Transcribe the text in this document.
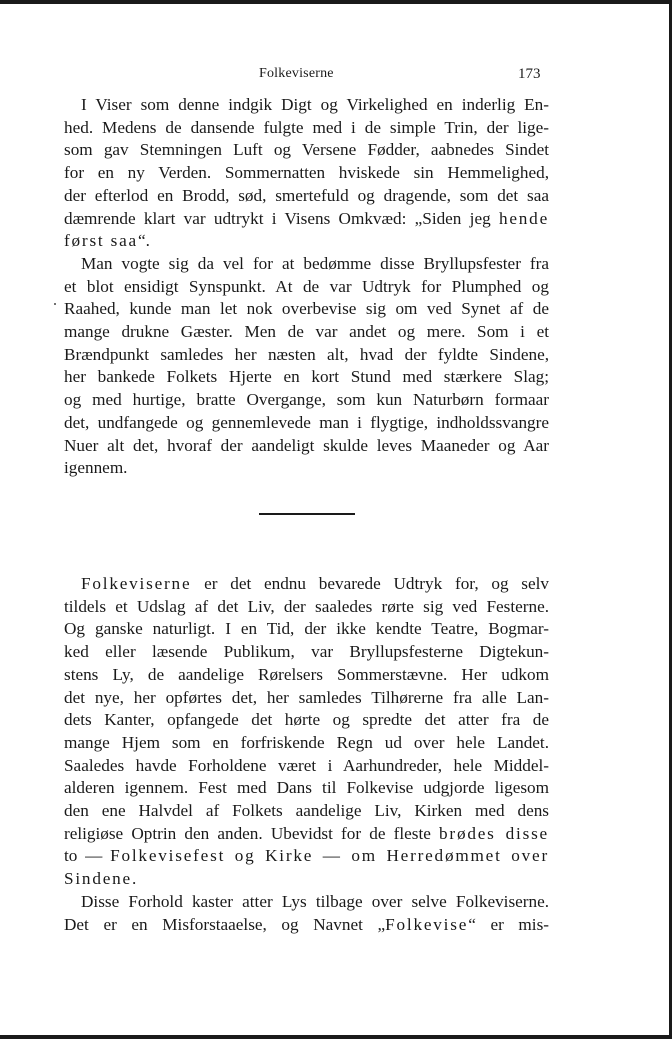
Folkeviserne	173

I Viser som denne indgik Digt og Virkelighed en inderlig En-
hed. Medens de dansende fulgte med i de simple Trin, der lige-
som gav Stemningen Luft og Versene Fødder, aabnedes Sindet
for en ny Verden. Sommernatten hviskede sin Hemmelighed,
der efterlod en Brodd, sød, smertefuld og dragende, som det saa
dæmrende klart var udtrykt i Visens Omkvæd: „Siden jeg hende
først saa“.

Man vogte sig da vel for at bedømme disse Bryllupsfester fra
et blot ensidigt Synspunkt. At de var Udtryk for Plumphed og
Raahed, kunde man let nok overbevise sig om ved Synet af de
mange drukne Gæster. Men de var andet og mere. Som i et
Brændpunkt samledes her næsten alt, hvad der fyldte Sindene,
her bankede Folkets Hjerte en kort Stund med stærkere Slag;
og med hurtige, bratte Overgange, som kun Naturbørn formaar
det, undfangede og gennemlevede man i flygtige, indholdssvangre
Nuer alt det, hvoraf der aandeligt skulde leves Maaneder og Aar
igennem.

Folkeviserne er det endnu bevarede Udtryk for, og selv
tildels et Udslag af det Liv, der saaledes rørte sig ved Festerne.
Og ganske naturligt. I en Tid, der ikke kendte Teatre, Bogmar-
ked eller læsende Publikum, var Bryllupsfesterne Digtekun-
stens Ly, de aandelige Rørelsers Sommerstævne. Her udkom
det nye, her opførtes det, her samledes Tilhørerne fra alle Lan-
dets Kanter, opfangede det hørte og spredte det atter fra de
mange Hjem som en forfriskende Regn ud over hele Landet.
Saaledes havde Forholdene været i Aarhundreder, hele Middel-
alderen igennem. Fest med Dans til Folkevise udgjorde ligesom
den ene Halvdel af Folkets aandelige Liv, Kirken med dens
religiøse Optrin den anden. Ubevidst for de fleste brødes disse
to — Folkevisefest og Kirke — om Herredømmet over
Sindene.

Disse Forhold kaster atter Lys tilbage over selve Folkeviserne.
Det er en Misforstaaelse, og Navnet „Folkevise“ er mis-
